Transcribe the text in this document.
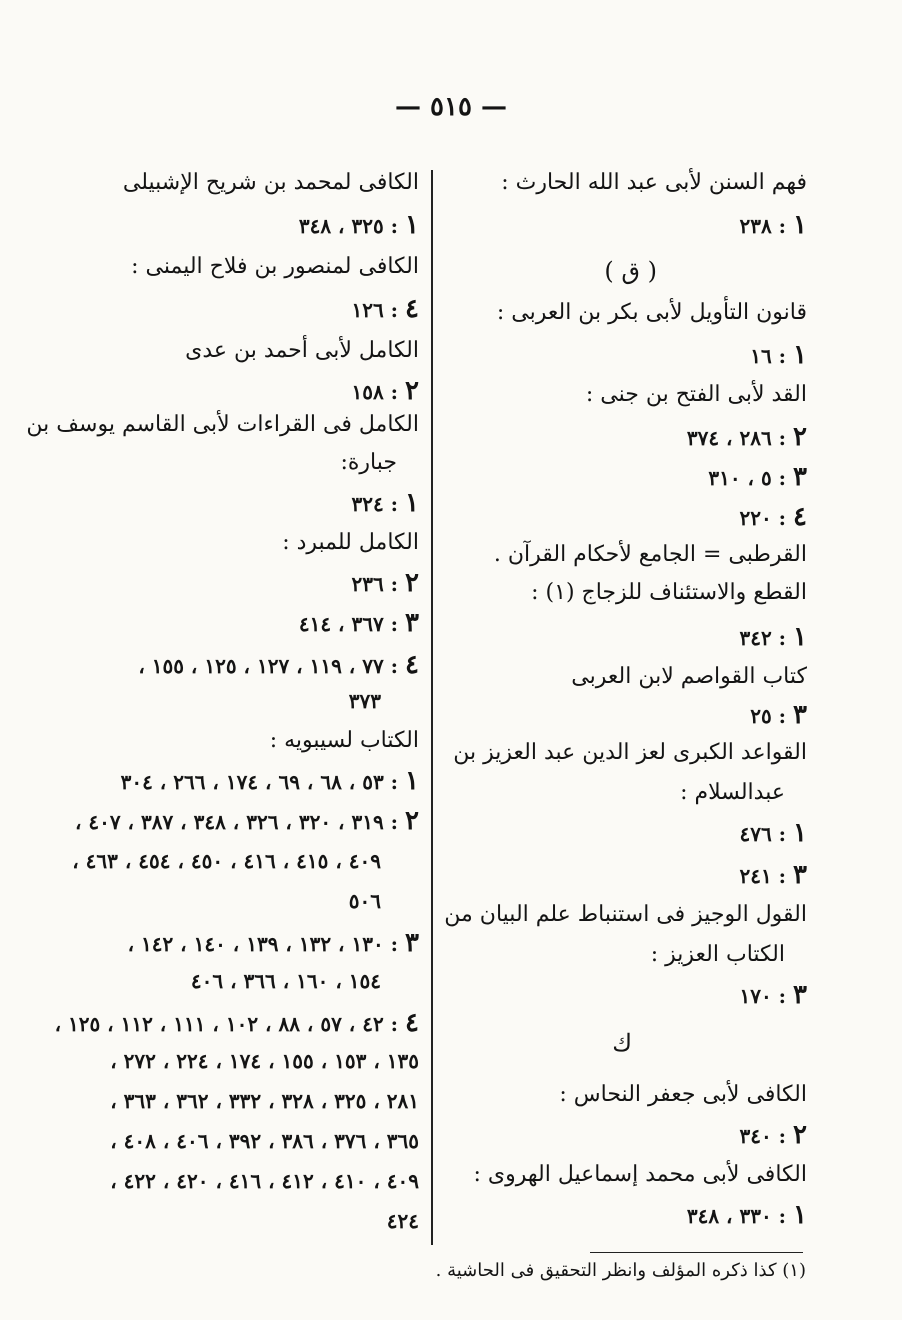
— ٥١٥ —
فهم السنن لأبى عبد الله الحارث :
١ : ٢٣٨
( ق )
قانون التأويل لأبى بكر بن العربى :
١ : ١٦
القد لأبى الفتح بن جنى :
٢ : ٢٨٦ ، ٣٧٤
٣ : ٥ ، ٣١٠
٤ : ٢٢٠
القرطبى = الجامع لأحكام القرآن .
القطع والاستئناف للزجاج (١) :
١ : ٣٤٢
كتاب القواصم لابن العربى
٣ : ٢٥
القواعد الكبرى لعز الدين عبد العزيز بن
عبدالسلام :
١ : ٤٧٦
٣ : ٢٤١
القول الوجيز فى استنباط علم البيان من
الكتاب العزيز :
٣ : ١٧٠
ك
الكافى لأبى جعفر النحاس :
٢ : ٣٤٠
الكافى لأبى محمد إسماعيل الهروى :
١ : ٣٣٠ ، ٣٤٨
الكافى لمحمد بن شريح الإشبيلى
١ : ٣٢٥ ، ٣٤٨
الكافى لمنصور بن فلاح اليمنى :
٤ : ١٢٦
الكامل لأبى أحمد بن عدى
٢ : ١٥٨
الكامل فى القراءات لأبى القاسم يوسف بن
جبارة:
١ : ٣٢٤
الكامل للمبرد :
٢ : ٢٣٦
٣ : ٣٦٧ ، ٤١٤
٤ : ٧٧ ، ١١٩ ، ١٢٧ ، ١٢٥ ، ١٥٥ ،
٣٧٣
الكتاب لسيبويه :
١ : ٥٣ ، ٦٨ ، ٦٩ ، ١٧٤ ، ٢٦٦ ، ٣٠٤
٢ : ٣١٩ ، ٣٢٠ ، ٣٢٦ ، ٣٤٨ ، ٣٨٧ ، ٤٠٧ ،
٤٠٩ ، ٤١٥ ، ٤١٦ ، ٤٥٠ ، ٤٥٤ ، ٤٦٣ ،
٥٠٦
٣ : ١٣٠ ، ١٣٢ ، ١٣٩ ، ١٤٠ ، ١٤٢ ،
١٥٤ ، ١٦٠ ، ٣٦٦ ، ٤٠٦
٤ : ٤٢ ، ٥٧ ، ٨٨ ، ١٠٢ ، ١١١ ، ١١٢ ، ١٢٥ ،
١٣٥ ، ١٥٣ ، ١٥٥ ، ١٧٤ ، ٢٢٤ ، ٢٧٢ ،
٢٨١ ، ٣٢٥ ، ٣٢٨ ، ٣٣٢ ، ٣٦٢ ، ٣٦٣ ،
٣٦٥ ، ٣٧٦ ، ٣٨٦ ، ٣٩٢ ، ٤٠٦ ، ٤٠٨ ،
٤٠٩ ، ٤١٠ ، ٤١٢ ، ٤١٦ ، ٤٢٠ ، ٤٢٢ ،
٤٢٤
(١) كذا ذكره المؤلف وانظر التحقيق فى الحاشية .
